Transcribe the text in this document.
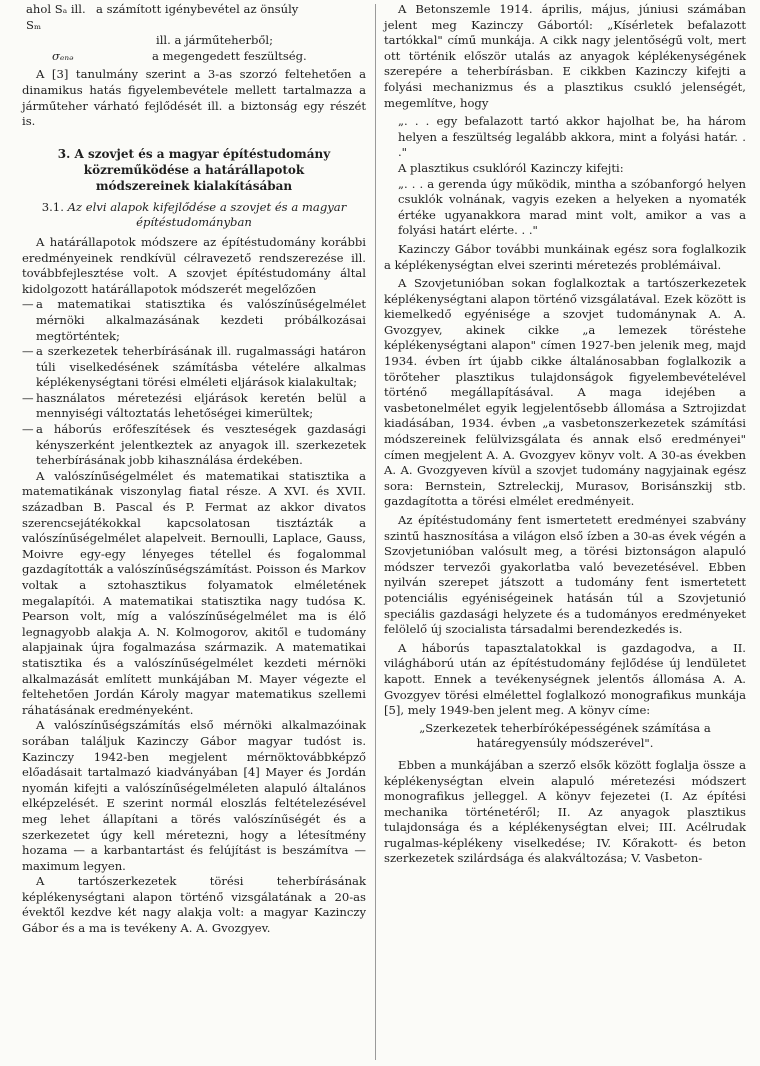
ahol Sₐ ill. Sₘ
a számított igénybevétel az önsúly
ill. a járműteherből;
σₑₙₔ	a megengedett feszültség.

A [3] tanulmány szerint a 3-as szorzó feltehetően a dinamikus hatás figyelembevétele mellett tartalmazza a járműteher várható fejlődését ill. a biztonság egy részét is.

3. A szovjet és a magyar építéstudomány
közreműködése a határállapotok
módszereinek kialakításában
3.1. Az elvi alapok kifejlődése a szovjet és a magyar
építéstudományban

A határállapotok módszere az építéstudomány korábbi eredményeinek rendkívül célravezető rendszerezése ill. továbbfejlesztése volt. A szovjet építéstudomány által kidolgozott határállapotok módszerét megelőzően

— a matematikai statisztika és valószínűségelmélet mérnöki alkalmazásának kezdeti próbálkozásai megtörténtek;
— a szerkezetek teherbírásának ill. rugalmassági határon túli viselkedésének számításba vételére alkalmas képlékenységtani törési elméleti eljárások kialakultak;
— használatos méretezési eljárások keretén belül a mennyiségi változtatás lehetőségei kimerültek;
— a háborús erőfeszítések és veszteségek gazdasági kényszerként jelentkeztek az anyagok ill. szerkezetek teherbírásának jobb kihasználása érdekében.

A valószínűségelmélet és matematikai statisztika a matematikának viszonylag fiatal része. A XVI. és XVII. században B. Pascal és P. Fermat az akkor divatos szerencsejátékokkal kapcsolatosan tisztázták a valószínűségelmélet alapelveit. Bernoulli, Laplace, Gauss, Moivre egy-egy lényeges tétellel és fogalommal gazdagították a valószínűségszámítást. Poisson és Markov voltak a sztohasztikus folyamatok elméletének megalapítói. A matematikai statisztika nagy tudósa K. Pearson volt, míg a valószínűségelmélet ma is élő legnagyobb alakja A. N. Kolmogorov, akitől e tudomány alapjainak újra fogalmazása származik. A matematikai statisztika és a valószínűségelmélet kezdeti mérnöki alkalmazását említett munkájában M. Mayer végezte el feltehetően Jordán Károly magyar matematikus szellemi ráhatásának eredményeként.

A valószínűségszámítás első mérnöki alkalmazóinak sorában találjuk Kazinczy Gábor magyar tudóst is. Kazinczy 1942-ben megjelent mérnöktovábbképző előadásait tartalmazó kiadványában [4] Mayer és Jordán nyomán kifejti a valószínűségelméleten alapuló általános elképzelését. E szerint normál eloszlás feltételezésével meg lehet állapítani a törés valószínűségét és a szerkezetet úgy kell méretezni, hogy a létesítmény hozama — a karbantartást és felújítást is beszámítva — maximum legyen.

A tartószerkezetek törési teherbírásának képlékenységtani alapon történő vizsgálatának a 20-as évektől kezdve két nagy alakja volt: a magyar Kazinczy Gábor és a ma is tevékeny A. A. Gvozgyev.

A Betonszemle 1914. április, május, júniusi számában jelent meg Kazinczy Gábortól: „Kísérletek befalazott tartókkal" című munkája. A cikk nagy jelentőségű volt, mert ott történik először utalás az anyagok képlékenységének szerepére a teherbírásban. E cikkben Kazinczy kifejti a folyási mechanizmus és a plasztikus csukló jelenségét, megemlítve, hogy

„. . . egy befalazott tartó akkor hajolhat be, ha három helyen a feszültség legalább akkora, mint a folyási határ. . ."

A plasztikus csuklóról Kazinczy kifejti:

„. . . a gerenda úgy működik, mintha a szóbanforgó helyen csuklók volnának, vagyis ezeken a helyeken a nyomaték értéke ugyanakkora marad mint volt, amikor a vas a folyási határt elérte. . ."

Kazinczy Gábor további munkáinak egész sora foglalkozik a képlékenységtan elvei szerinti méretezés problémáival.

A Szovjetunióban sokan foglalkoztak a tartószerkezetek képlékenységtani alapon történő vizsgálatával. Ezek között is kiemelkedő egyénisége a szovjet tudománynak A. A. Gvozgyev, akinek cikke „a lemezek töréstehe képlékenységtani alapon" címen 1927-ben jelenik meg, majd 1934. évben írt újabb cikke általánosabban foglalkozik a törőteher plasztikus tulajdonságok figyelembevételével történő megállapításával. A maga idejében a vasbetonelmélet egyik legjelentősebb állomása a Sztrojizdat kiadásában, 1934. évben „a vasbetonszerkezetek számítási módszereinek felülvizsgálata és annak első eredményei" címen megjelent A. A. Gvozgyev könyv volt. A 30-as években A. A. Gvozgyeven kívül a szovjet tudomány nagyjainak egész sora: Bernstein, Sztreleckij, Murasov, Borisánszkij stb. gazdagította a törési elmélet eredményeit.

Az építéstudomány fent ismertetett eredményei szabvány szintű hasznosítása a világon első ízben a 30-as évek végén a Szovjetunióban valósult meg, a törési biztonságon alapuló módszer tervezői gyakorlatba való bevezetésével. Ebben nyilván szerepet játszott a tudomány fent ismertetett potenciális egyéniségeinek hatásán túl a Szovjetunió speciális gazdasági helyzete és a tudományos eredményeket felölelő új szocialista társadalmi berendezkedés is.

A háborús tapasztalatokkal is gazdagodva, a II. világháború után az építéstudomány fejlődése új lendületet kapott. Ennek a tevékenységnek jelentős állomása A. A. Gvozgyev törési elmélettel foglalkozó monografikus munkája [5], mely 1949-ben jelent meg. A könyv címe:

„Szerkezetek teherbíróképességének számítása a határegyensúly módszerével".

Ebben a munkájában a szerző elsők között foglalja össze a képlékenységtan elvein alapuló méretezési módszert monografikus jelleggel. A könyv fejezetei (I. Az építési mechanika történetéről; II. Az anyagok plasztikus tulajdonsága és a képlékenységtan elvei; III. Acélrudak rugalmas-képlékeny viselkedése; IV. Kőrakott- és beton szerkezetek szilárdsága és alakváltozása; V. Vasbeton-
